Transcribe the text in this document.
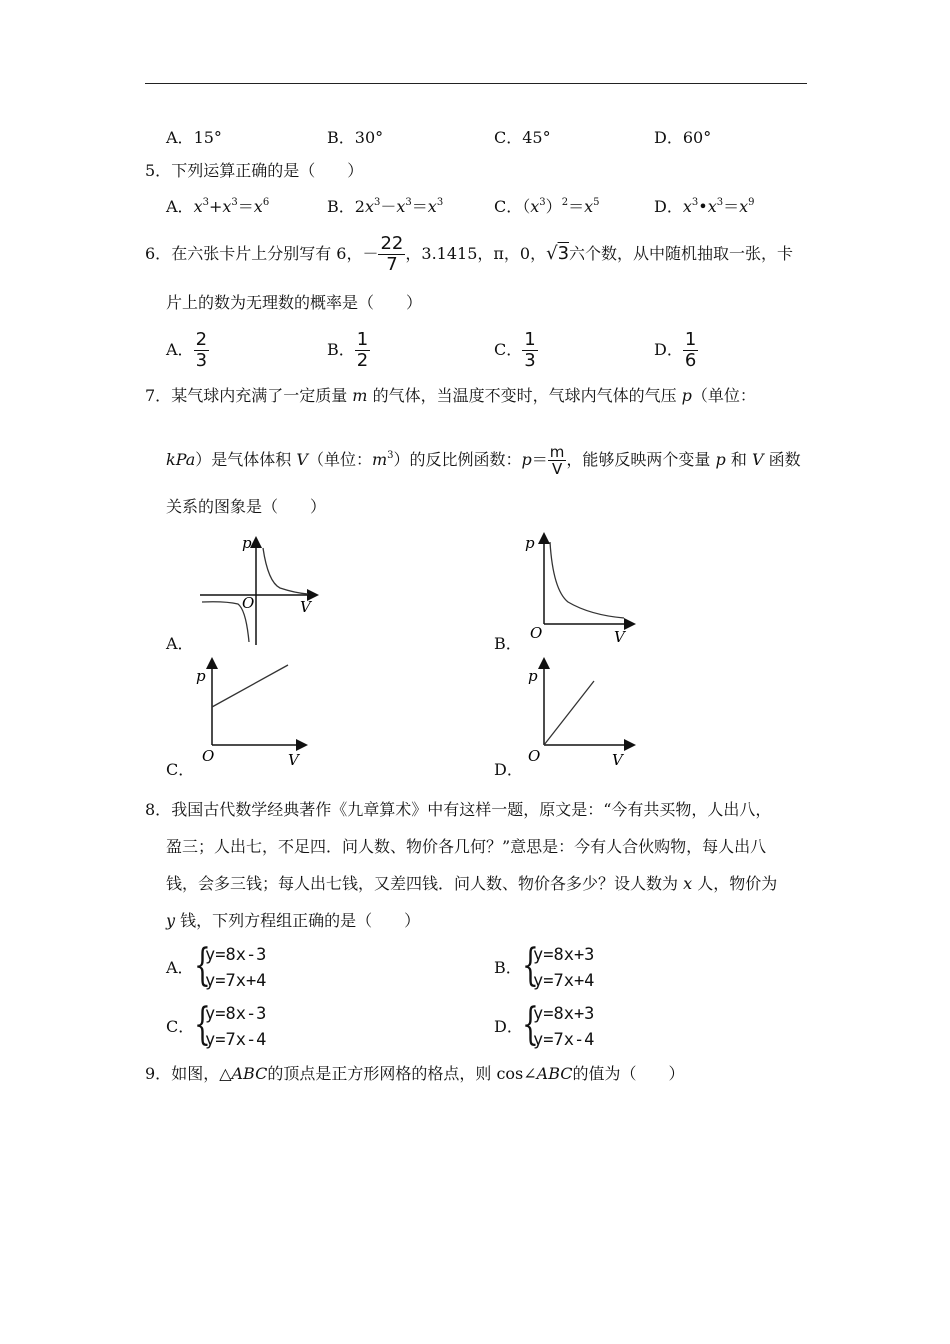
A．15°	B．30°	C．45°	D．60°
5．下列运算正确的是（　　）
A．$x^3+x^3=x^6$	B．$2x^3-x^3=x^3$	C．$(x^3)^2=x^5$	D．$x^3•x^3=x^9$
6．在六张卡片上分别写有 6，－ $\frac{22}{7}$ ，3.1415，π，0，√3六个数，从中随机抽取一张，卡
片上的数为无理数的概率是（　　）
A． $\frac{2}{3}$	B． $\frac{1}{2}$	C． $\frac{1}{3}$	D． $\frac{1}{6}$
7．某气球内充满了一定质量 m 的气体，当温度不变时，气球内气体的气压 p（单位：
kPa）是气体体积 V（单位：$m^3$）的反比例函数：$p= \frac{m}{V}$ ，能够反映两个变量 p 和 V 函数
关系的图象是（　　）
A．
p
O	V
B．
p
O	V
C．
p
O	V	D．
p
O	V
8．我国古代数学经典著作《九章算术》中有这样一题，原文是：“今有共买物，人出八，
盈三；人出七，不足四．问人数、物价各几何？”意思是：今有人合伙购物，每人出八
钱，会多三钱；每人出七钱，又差四钱．问人数、物价各多少？设人数为 x 人，物价为
y 钱，下列方程组正确的是（　　）
A． {
y=8x-3
y=7x+4
B． {
y=8x+3
y=7x+4
C． {
y=8x-3
y=7x-4
D． {
y=8x+3
y=7x-4
9．如图，△ABC的顶点是正方形网格的格点，则 cos∠ABC的值为（　　）
